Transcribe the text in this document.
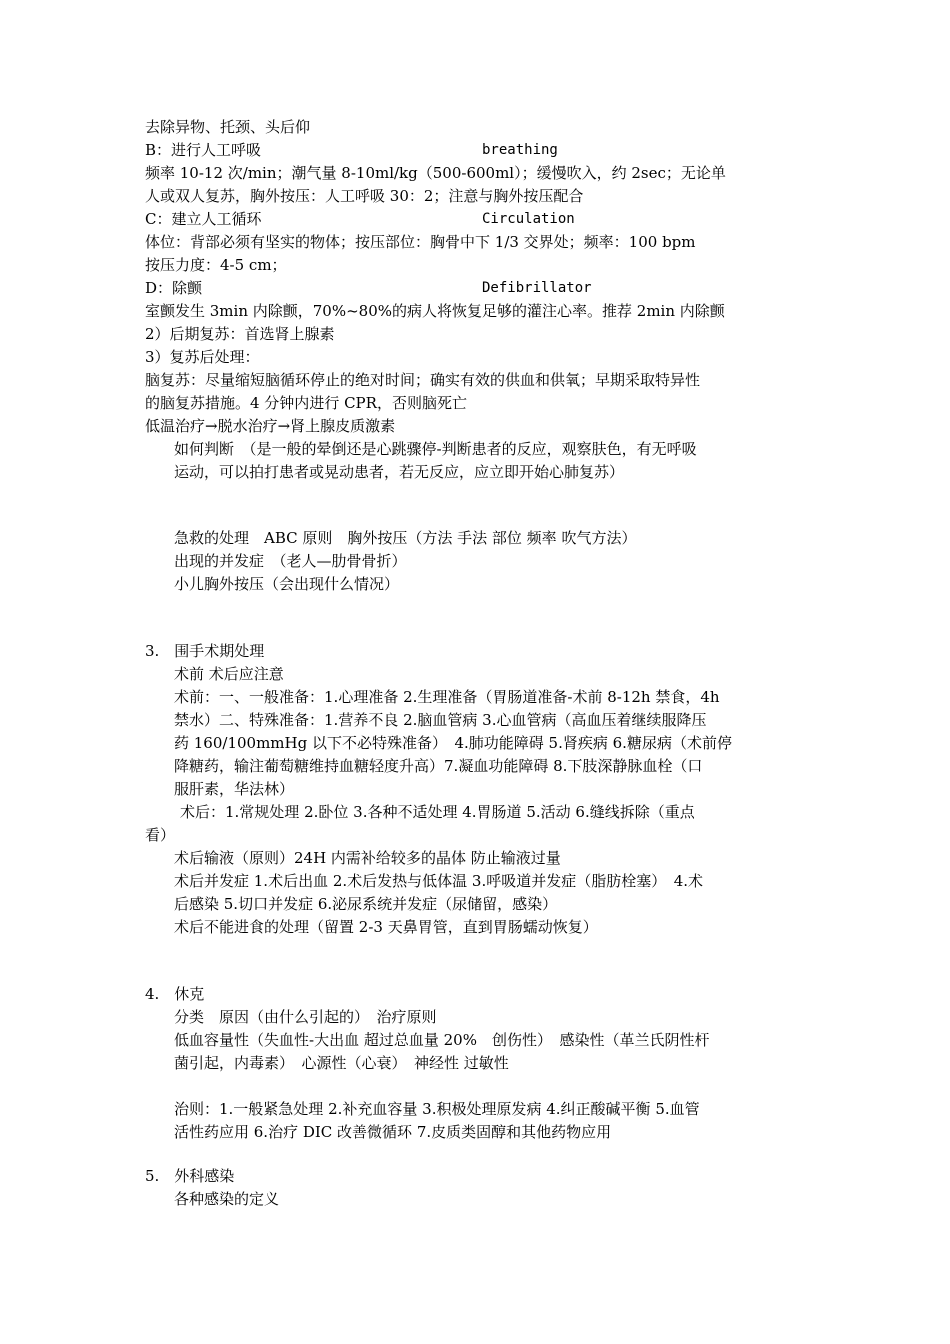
去除异物、托颈、头后仰
B：进行人工呼吸	breathing
频率 10-12 次/min；潮气量 8-10ml/kg（500-600ml）；缓慢吹入，约 2sec；无论单
人或双人复苏，胸外按压：人工呼吸 30：2；注意与胸外按压配合
C：建立人工循环	Circulation
体位：背部必须有坚实的物体；按压部位：胸骨中下 1/3 交界处；频率：100 bpm
按压力度：4-5 cm；
D：除颤	Defibrillator
室颤发生 3min 内除颤，70%~80%的病人将恢复足够的灌注心率。推荐 2min 内除颤
2）后期复苏：首选肾上腺素
3）复苏后处理：
脑复苏：尽量缩短脑循环停止的绝对时间；确实有效的供血和供氧；早期采取特异性
的脑复苏措施。4 分钟内进行 CPR，否则脑死亡
低温治疗→脱水治疗→肾上腺皮质激素
如何判断　（是一般的晕倒还是心跳骤停-判断患者的反应，观察肤色，有无呼吸
运动，可以拍打患者或晃动患者，若无反应，应立即开始心肺复苏）
急救的处理　ABC 原则　胸外按压（方法 手法 部位 频率 吹气方法）
出现的并发症　（老人—肋骨骨折）
小儿胸外按压（会出现什么情况）
3.　围手术期处理
术前 术后应注意
术前：一、一般准备：1.心理准备 2.生理准备（胃肠道准备-术前 8-12h 禁食，4h
禁水）二、特殊准备：1.营养不良 2.脑血管病 3.心血管病（高血压着继续服降压
药 160/100mmHg 以下不必特殊准备）　4.肺功能障碍 5.肾疾病 6.糖尿病（术前停
降糖药，输注葡萄糖维持血糖轻度升高）7.凝血功能障碍 8.下肢深静脉血栓（口
服肝素，华法林）
术后：1.常规处理 2.卧位 3.各种不适处理 4.胃肠道 5.活动 6.缝线拆除（重点
看）
术后输液（原则）24H 内需补给较多的晶体 防止输液过量
术后并发症 1.术后出血 2.术后发热与低体温 3.呼吸道并发症（脂肪栓塞）　4.术
后感染 5.切口并发症 6.泌尿系统并发症（尿储留，感染）
术后不能进食的处理（留置 2-3 天鼻胃管，直到胃肠蠕动恢复）
4.　休克
分类　原因（由什么引起的）　治疗原则
低血容量性（失血性-大出血 超过总血量 20%　创伤性）　感染性（革兰氏阴性杆
菌引起，内毒素）　心源性（心衰）　神经性 过敏性
治则：1.一般紧急处理 2.补充血容量 3.积极处理原发病 4.纠正酸碱平衡 5.血管
活性药应用 6.治疗 DIC 改善微循环 7.皮质类固醇和其他药物应用
5.　外科感染
各种感染的定义
